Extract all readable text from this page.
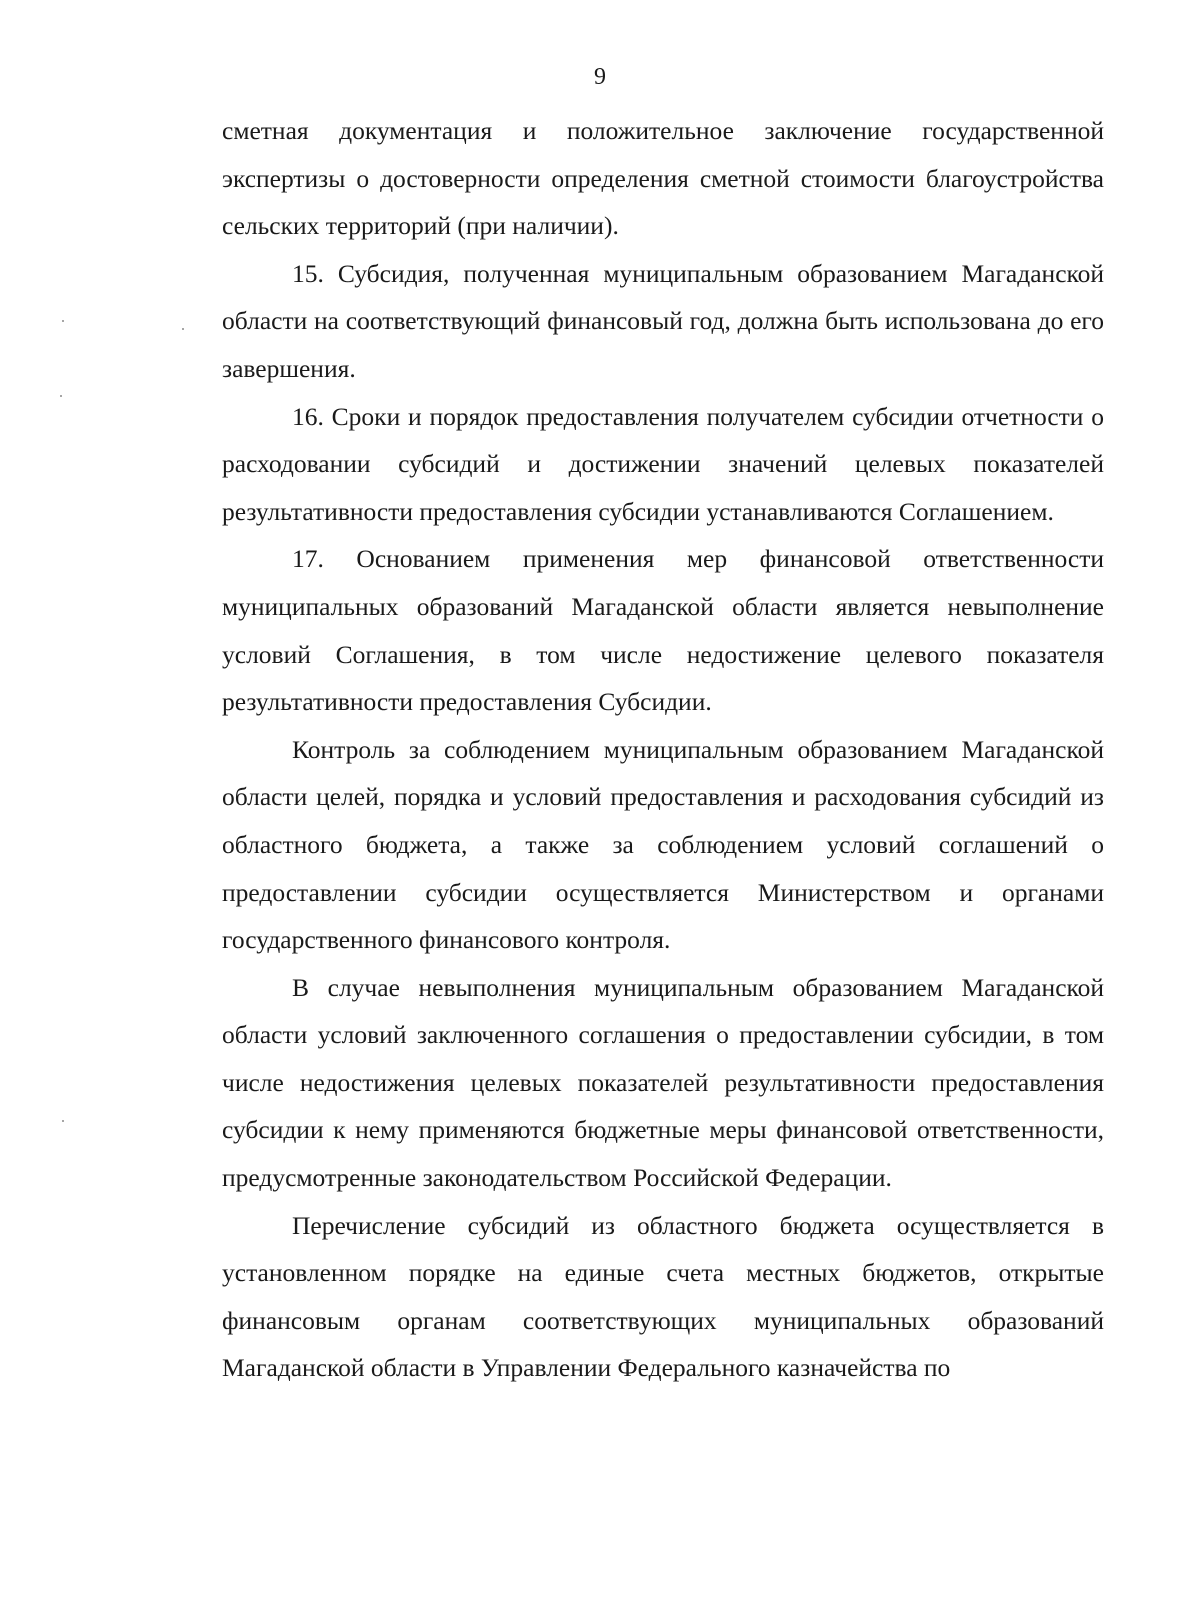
9

сметная документация и положительное заключение государственной экспертизы о достоверности определения сметной стоимости благоустройства сельских территорий (при наличии).

15. Субсидия, полученная муниципальным образованием Магаданской области на соответствующий финансовый год, должна быть использована до его завершения.

16. Сроки и порядок предоставления получателем субсидии отчетности о расходовании субсидий и достижении значений целевых показателей результативности предоставления субсидии устанавливаются Соглашением.

17. Основанием применения мер финансовой ответственности муниципальных образований Магаданской области является невыполнение условий Соглашения, в том числе недостижение целевого показателя результативности предоставления Субсидии.

Контроль за соблюдением муниципальным образованием Магаданской области целей, порядка и условий предоставления и расходования субсидий из областного бюджета, а также за соблюдением условий соглашений о предоставлении субсидии осуществляется Министерством и органами государственного финансового контроля.

В случае невыполнения муниципальным образованием Магаданской области условий заключенного соглашения о предоставлении субсидии, в том числе недостижения целевых показателей результативности предоставления субсидии к нему применяются бюджетные меры финансовой ответственности, предусмотренные законодательством Российской Федерации.

Перечисление субсидий из областного бюджета осуществляется в установленном порядке на единые счета местных бюджетов, открытые финансовым органам соответствующих муниципальных образований Магаданской области в Управлении Федерального казначейства по
